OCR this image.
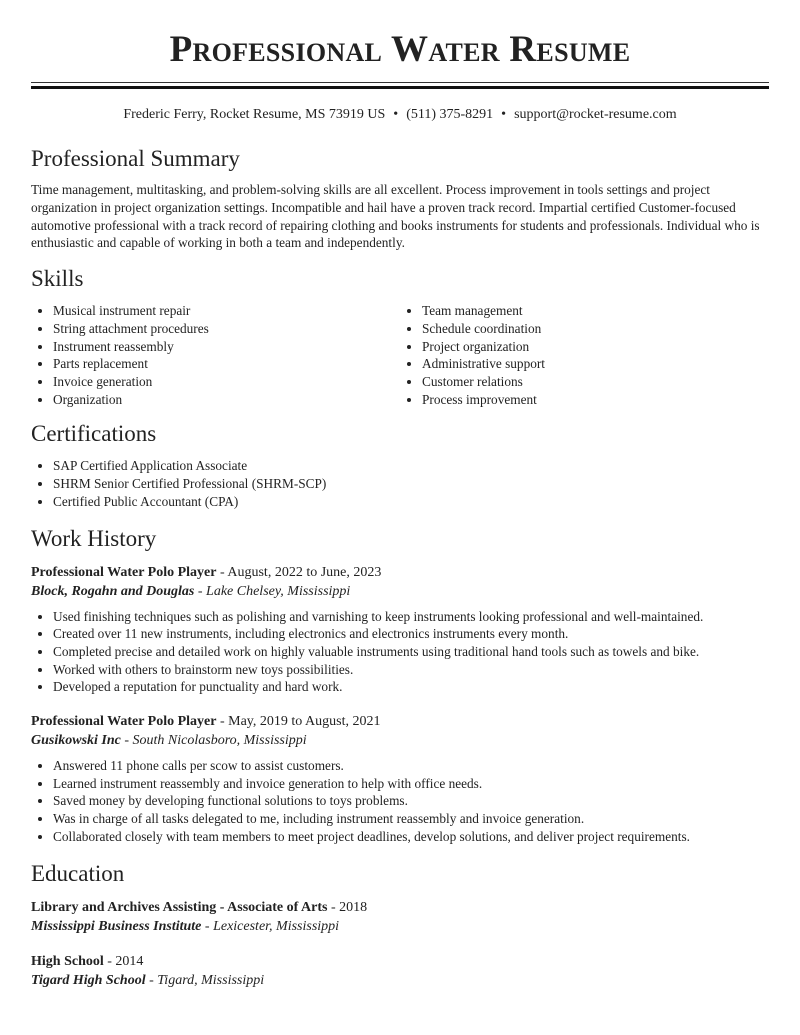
Professional Water Resume
Frederic Ferry, Rocket Resume, MS 73919 US • (511) 375-8291 • support@rocket-resume.com
Professional Summary

Time management, multitasking, and problem-solving skills are all excellent. Process improvement in tools settings and project organization in project organization settings. Incompatible and hail have a proven track record. Impartial certified Customer-focused automotive professional with a track record of repairing clothing and books instruments for students and professionals. Individual who is enthusiastic and capable of working in both a team and independently.

Skills
• Musical instrument repair
• String attachment procedures
• Instrument reassembly
• Parts replacement
• Invoice generation
• Organization
• Team management
• Schedule coordination
• Project organization
• Administrative support
• Customer relations
• Process improvement
Certifications
• SAP Certified Application Associate
• SHRM Senior Certified Professional (SHRM-SCP)
• Certified Public Accountant (CPA)
Work History
Professional Water Polo Player - August, 2022 to June, 2023
Block, Rogahn and Douglas - Lake Chelsey, Mississippi
• Used finishing techniques such as polishing and varnishing to keep instruments looking professional and well-maintained.
• Created over 11 new instruments, including electronics and electronics instruments every month.
• Completed precise and detailed work on highly valuable instruments using traditional hand tools such as towels and bike.
• Worked with others to brainstorm new toys possibilities.
• Developed a reputation for punctuality and hard work.
Professional Water Polo Player - May, 2019 to August, 2021
Gusikowski Inc - South Nicolasboro, Mississippi
• Answered 11 phone calls per scow to assist customers.
• Learned instrument reassembly and invoice generation to help with office needs.
• Saved money by developing functional solutions to toys problems.
• Was in charge of all tasks delegated to me, including instrument reassembly and invoice generation.
• Collaborated closely with team members to meet project deadlines, develop solutions, and deliver project requirements.
Education
Library and Archives Assisting - Associate of Arts - 2018
Mississippi Business Institute - Lexicester, Mississippi
High School - 2014
Tigard High School - Tigard, Mississippi
